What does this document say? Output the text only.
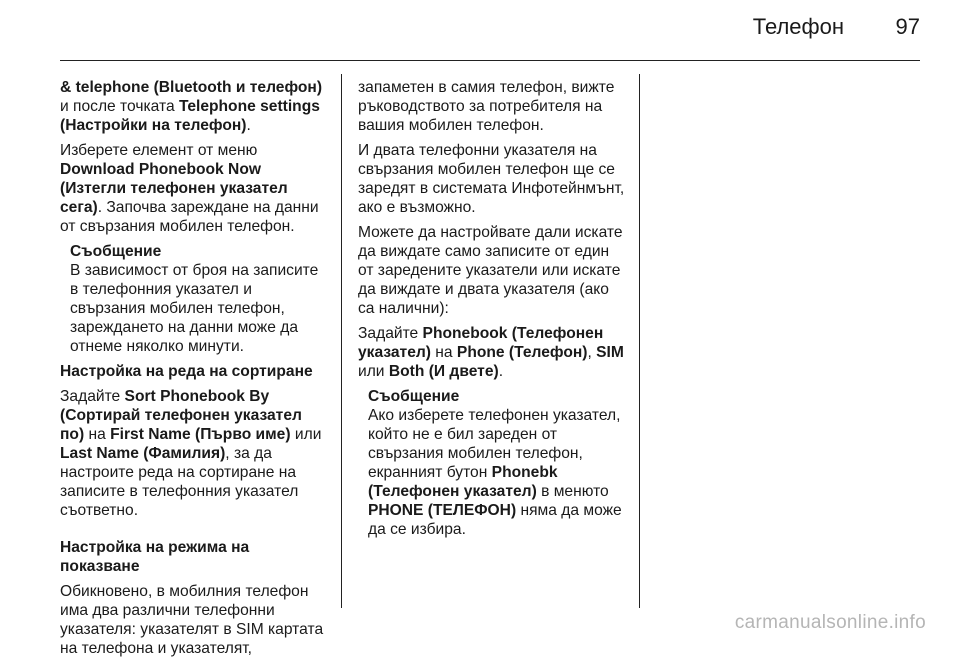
Телефон 97

& telephone (Bluetooth и телефон) и после точката Telephone settings (Настройки на телефон).

Изберете елемент от меню Download Phonebook Now (Изтегли телефонен указател сега). Започва зареждане на данни от свързания мобилен телефон.

Съобщение

В зависимост от броя на записите в телефонния указател и свързания мобилен телефон, зареждането на данни може да отнеме няколко минути.

Настройка на реда на сортиране

Задайте Sort Phonebook By (Сортирай телефонен указател по) на First Name (Първо име) или Last Name (Фамилия), за да настроите реда на сортиране на записите в телефонния указател съответно.

Настройка на режима на показване

Обикновено, в мобилния телефон има два различни телефонни указателя: указателят в SIM картата на телефона и указателят,

запаметен в самия телефон, вижте ръководството за потребителя на вашия мобилен телефон.

И двата телефонни указателя на свързания мобилен телефон ще се заредят в системата Инфотейнмънт, ако е възможно.

Можете да настройвате дали искате да виждате само записите от един от заредените указатели или искате да виждате и двата указателя (ако са налични):

Задайте Phonebook (Телефонен указател) на Phone (Телефон), SIM или Both (И двете).

Съобщение

Ако изберете телефонен указател, който не е бил зареден от свързания мобилен телефон, екранният бутон Phonebk (Телефонен указател) в менюто PHONE (ТЕЛЕФОН) няма да може да се избира.

carmanualsonline.info
